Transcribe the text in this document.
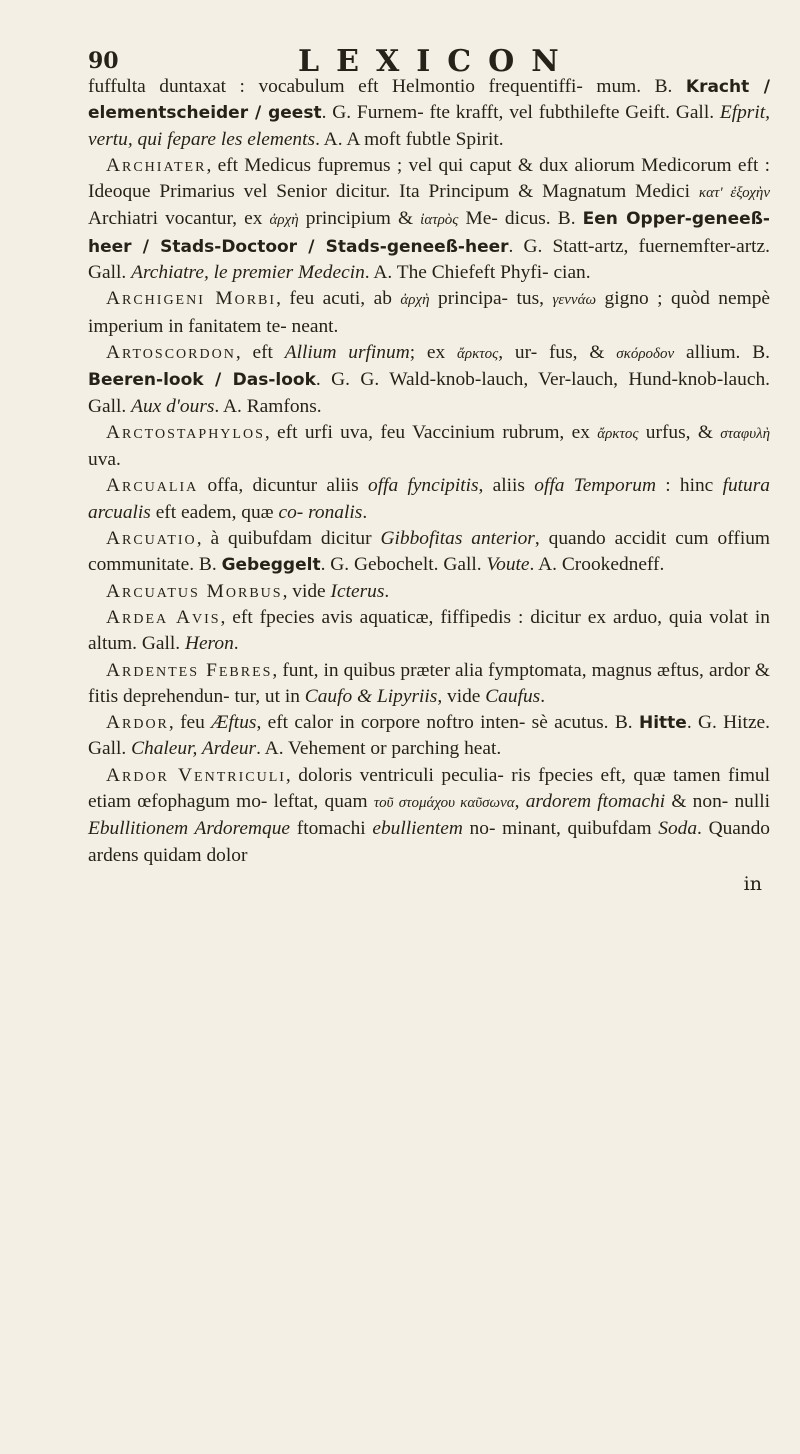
90	LEXICON

fuffulta duntaxat : vocabulum eft Helmontio frequentiffi- mum. B. Kracht / elementscheider / geest. G. Furnem- fte krafft, vel fubthilefte Geift. Gall. Efprit, vertu, qui fepare les elements. A. A moft fubtle Spirit.

Archiater, eft Medicus fupremus ; vel qui caput & dux aliorum Medicorum eft : Ideoque Primarius vel Senior dicitur. Ita Principum & Magnatum Medici κατ' ἐξοχὴν Archiatri vocantur, ex ἀρχὴ principium & ἰατρὸς Me- dicus. B. Een Opper-geneeß-heer / Stads-Doctoor / Stads-geneeß-heer. G. Statt-artz, fuernemfter-artz. Gall. Archiatre, le premier Medecin. A. The Chiefeft Phyfi- cian.

Archigeni Morbi, feu acuti, ab ἀρχὴ principa- tus, γεννάω gigno ; quòd nempè imperium in fanitatem te- neant.

Artoscordon, eft Allium urfinum; ex ἄρκτος, ur- fus, & σκόροδον allium. B. Beeren-look / Das-look. G. G. Wald-knob-lauch, Ver-lauch, Hund-knob-lauch. Gall. Aux d'ours. A. Ramfons.

Arctostaphylos, eft urfi uva, feu Vaccinium rubrum, ex ἄρκτος urfus, & σταφυλὴ uva.

Arcualia offa, dicuntur aliis offa fyncipitis, aliis offa Temporum : hinc futura arcualis eft eadem, quæ co- ronalis.

Arcuatio, à quibufdam dicitur Gibbofitas anterior, quando accidit cum offium communitate. B. Gebeggelt. G. Gebochelt. Gall. Voute. A. Crookedneff.

Arcuatus Morbus, vide Icterus.

Ardea Avis, eft fpecies avis aquaticæ, fiffipedis : dicitur ex arduo, quia volat in altum. Gall. Heron.

Ardentes Febres, funt, in quibus præter alia fymptomata, magnus æftus, ardor & fitis deprehendun- tur, ut in Caufo & Lipyriis, vide Caufus.

Ardor, feu Æftus, eft calor in corpore noftro inten- sè acutus. B. Hitte. G. Hitze. Gall. Chaleur, Ardeur. A. Vehement or parching heat.

Ardor Ventriculi, doloris ventriculi peculia- ris fpecies eft, quæ tamen fimul etiam œfophagum mo- leftat, quam τοῦ στομάχου καῦσωνα, ardorem ftomachi & non- nulli Ebullitionem Ardoremque ftomachi ebullientem no- minant, quibufdam Soda. Quando ardens quidam dolor

in
